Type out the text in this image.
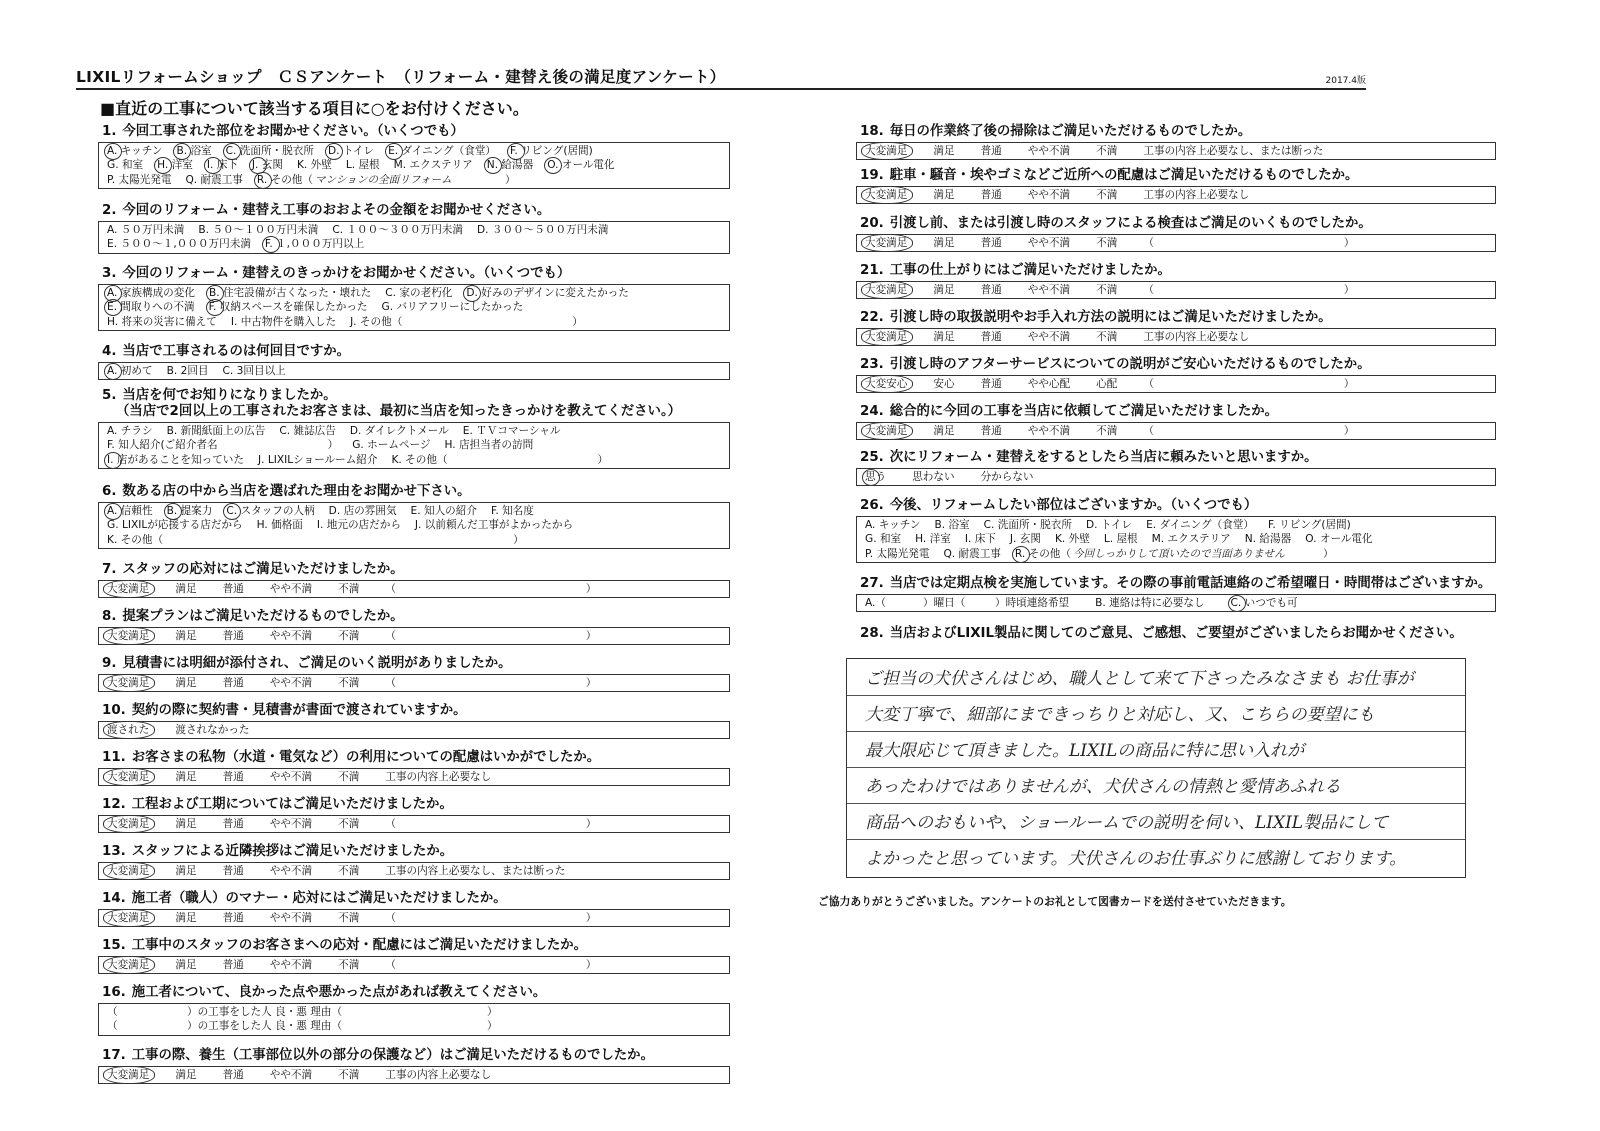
LIXILリフォームショップ　ＣＳアンケート　（リフォーム・建替え後の満足度アンケート）	2017.4版
■直近の工事について該当する項目に○をお付けください。
1. 今回工事された部位をお聞かせください。（いくつでも）
A. キッチン B. 浴室 C. 洗面所・脱衣所 D. トイレ E. ダイニング（食堂） F. リビング(居間)
G. 和室 H. 洋室 I. 床下 J. 玄関 K. 外壁 L. 屋根 M. エクステリア N. 給湯器 O. オール電化
P. 太陽光発電 Q. 耐震工事 R. その他（ マンションの全面リフォーム	）
2. 今回のリフォーム・建替え工事のおおよその金額をお聞かせください。
A. ５０万円未満 B. ５０～１００万円未満 C. １００～３００万円未満 D. ３００～５００万円未満
E. ５００～１,０００万円未満 F. １,０００万円以上
3. 今回のリフォーム・建替えのきっかけをお聞かせください。（いくつでも）
A. 家族構成の変化 B. 住宅設備が古くなった・壊れた C. 家の老朽化 D. 好みのデザインに変えたかった
E. 間取りへの不満 F. 収納スペースを確保したかった G. バリアフリーにしたかった
H. 将来の災害に備えて I. 中古物件を購入した J. その他（	）
4. 当店で工事されるのは何回目ですか。
A. 初めて B. 2回目 C. 3回目以上
5. 当店を何でお知りになりましたか。
（当店で2回以上の工事されたお客さまは、最初に当店を知ったきっかけを教えてください。）
A. チラシ B. 新聞紙面上の広告 C. 雑誌広告 D. ダイレクトメール E. ＴＶコマーシャル
F. 知人紹介(ご紹介者名	） G. ホームページ H. 店担当者の訪問
I. 店があることを知っていた J. LIXILショールーム紹介 K. その他（	）
6. 数ある店の中から当店を選ばれた理由をお聞かせ下さい。
A. 信頼性 B. 提案力 C. スタッフの人柄 D. 店の雰囲気 E. 知人の紹介 F. 知名度
G. LIXILが応援する店だから H. 価格面 I. 地元の店だから J. 以前頼んだ工事がよかったから
K. その他（	）
7. スタッフの応対にはご満足いただけましたか。
大変満足 満足 普通 やや不満 不満 （	）
8. 提案プランはご満足いただけるものでしたか。
大変満足 満足 普通 やや不満 不満 （	）
9. 見積書には明細が添付され、ご満足のいく説明がありましたか。
大変満足 満足 普通 やや不満 不満 （	）
10. 契約の際に契約書・見積書が書面で渡されていますか。
渡された 渡されなかった
11. お客さまの私物（水道・電気など）の利用についての配慮はいかがでしたか。
大変満足 満足 普通 やや不満 不満 工事の内容上必要なし
12. 工程および工期についてはご満足いただけましたか。
大変満足 満足 普通 やや不満 不満 （	）
13. スタッフによる近隣挨拶はご満足いただけましたか。
大変満足 満足 普通 やや不満 不満 工事の内容上必要なし、または断った
14. 施工者（職人）のマナー・応対にはご満足いただけましたか。
大変満足 満足 普通 やや不満 不満 （	）
15. 工事中のスタッフのお客さまへの応対・配慮にはご満足いただけましたか。
大変満足 満足 普通 やや不満 不満 （	）
16. 施工者について、良かった点や悪かった点があれば教えてください。
（	）の工事をした人 良・悪 理由（	）
（	）の工事をした人 良・悪 理由（	）
17. 工事の際、養生（工事部位以外の部分の保護など）はご満足いただけるものでしたか。
大変満足 満足 普通 やや不満 不満 工事の内容上必要なし
18. 毎日の作業終了後の掃除はご満足いただけるものでしたか。
大変満足 満足 普通 やや不満 不満 工事の内容上必要なし、または断った
19. 駐車・騒音・埃やゴミなどご近所への配慮はご満足いただけるものでしたか。
大変満足 満足 普通 やや不満 不満 工事の内容上必要なし
20. 引渡し前、または引渡し時のスタッフによる検査はご満足のいくものでしたか。
大変満足 満足 普通 やや不満 不満 （	）
21. 工事の仕上がりにはご満足いただけましたか。
大変満足 満足 普通 やや不満 不満 （	）
22. 引渡し時の取扱説明やお手入れ方法の説明にはご満足いただけましたか。
大変満足 満足 普通 やや不満 不満 工事の内容上必要なし
23. 引渡し時のアフターサービスについての説明がご安心いただけるものでしたか。
大変安心 安心 普通 やや心配 心配 （	）
24. 総合的に今回の工事を当店に依頼してご満足いただけましたか。
大変満足 満足 普通 やや不満 不満 （	）
25. 次にリフォーム・建替えをするとしたら当店に頼みたいと思いますか。
思う 思わない 分からない
26. 今後、リフォームしたい部位はございますか。（いくつでも）
A. キッチン B. 浴室 C. 洗面所・脱衣所 D. トイレ E. ダイニング（食堂） F. リビング(居間)
G. 和室 H. 洋室 I. 床下 J. 玄関 K. 外壁 L. 屋根 M. エクステリア N. 給湯器 O. オール電化
P. 太陽光発電 Q. 耐震工事 R. その他（ 今回しっかりして頂いたので当面ありません	）
27. 当店では定期点検を実施しています。その際の事前電話連絡のご希望曜日・時間帯はございますか。
A.（	）曜日（	）時頃連絡希望 B. 連絡は特に必要なし C. いつでも可
28. 当店およびLIXIL製品に関してのご意見、ご感想、ご要望がございましたらお聞かせください。
ご担当の犬伏さんはじめ、職人として来て下さったみなさまも お仕事が
大変丁寧で、細部にまできっちりと対応し、又、こちらの要望にも
最大限応じて頂きました。LIXILの商品に特に思い入れが
あったわけではありませんが、犬伏さんの情熱と愛情あふれる
商品へのおもいや、ショールームでの説明を伺い、LIXIL製品にして
よかったと思っています。犬伏さんのお仕事ぶりに感謝しております。
ご協力ありがとうございました。アンケートのお礼として図書カードを送付させていただきます。
